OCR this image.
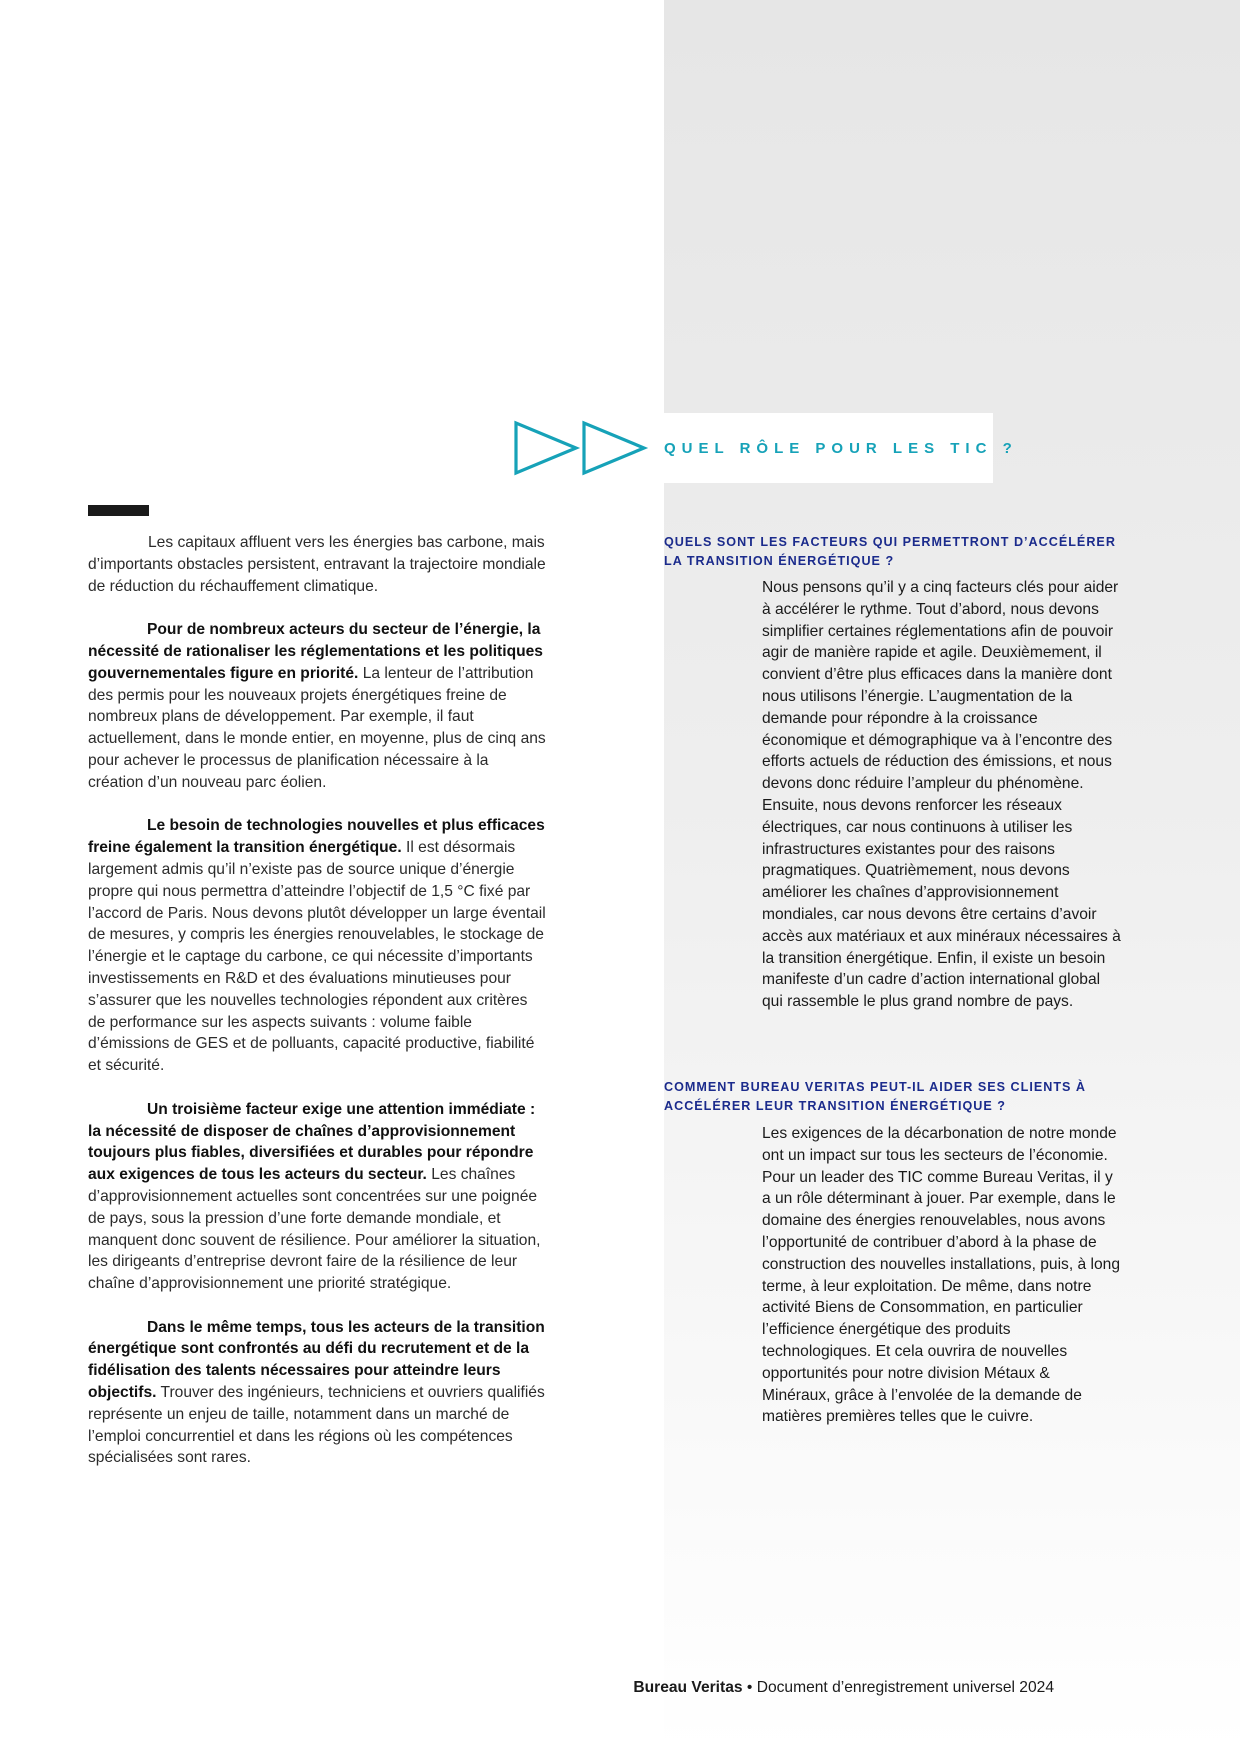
QUEL RÔLE POUR LES TIC ?

Les capitaux affluent vers les énergies bas carbone, mais d’importants obstacles persistent, entravant la trajectoire mondiale de réduction du réchauffement climatique.

Pour de nombreux acteurs du secteur de l’énergie, la nécessité de rationaliser les réglementations et les politiques gouvernementales figure en priorité. La lenteur de l’attribution des permis pour les nouveaux projets énergétiques freine de nombreux plans de développement. Par exemple, il faut actuellement, dans le monde entier, en moyenne, plus de cinq ans pour achever le processus de planification nécessaire à la création d’un nouveau parc éolien.

Le besoin de technologies nouvelles et plus efficaces freine également la transition énergétique. Il est désormais largement admis qu’il n’existe pas de source unique d’énergie propre qui nous permettra d’atteindre l’objectif de 1,5 °C fixé par l’accord de Paris. Nous devons plutôt développer un large éventail de mesures, y compris les énergies renouvelables, le stockage de l’énergie et le captage du carbone, ce qui nécessite d’importants investissements en R&D et des évaluations minutieuses pour s’assurer que les nouvelles technologies répondent aux critères de performance sur les aspects suivants : volume faible d’émissions de GES et de polluants, capacité productive, fiabilité et sécurité.

Un troisième facteur exige une attention immédiate : la nécessité de disposer de chaînes d’approvisionnement toujours plus fiables, diversifiées et durables pour répondre aux exigences de tous les acteurs du secteur. Les chaînes d’approvisionnement actuelles sont concentrées sur une poignée de pays, sous la pression d’une forte demande mondiale, et manquent donc souvent de résilience. Pour améliorer la situation, les dirigeants d’entreprise devront faire de la résilience de leur chaîne d’approvisionnement une priorité stratégique.

Dans le même temps, tous les acteurs de la transition énergétique sont confrontés au défi du recrutement et de la fidélisation des talents nécessaires pour atteindre leurs objectifs. Trouver des ingénieurs, techniciens et ouvriers qualifiés représente un enjeu de taille, notamment dans un marché de l’emploi concurrentiel et dans les régions où les compétences spécialisées sont rares.

QUELS SONT LES FACTEURS QUI PERMETTRONT D’ACCÉLÉRER LA TRANSITION ÉNERGÉTIQUE ?
Nous pensons qu’il y a cinq facteurs clés pour aider à accélérer le rythme. Tout d’abord, nous devons simplifier certaines réglementations afin de pouvoir agir de manière rapide et agile. Deuxièmement, il convient d’être plus efficaces dans la manière dont nous utilisons l’énergie. L’augmentation de la demande pour répondre à la croissance économique et démographique va à l’encontre des efforts actuels de réduction des émissions, et nous devons donc réduire l’ampleur du phénomène. Ensuite, nous devons renforcer les réseaux électriques, car nous continuons à utiliser les infrastructures existantes pour des raisons pragmatiques. Quatrièmement, nous devons améliorer les chaînes d’approvisionnement mondiales, car nous devons être certains d’avoir accès aux matériaux et aux minéraux nécessaires à la transition énergétique. Enfin, il existe un besoin manifeste d’un cadre d’action international global qui rassemble le plus grand nombre de pays.
COMMENT BUREAU VERITAS PEUT-IL AIDER SES CLIENTS À ACCÉLÉRER LEUR TRANSITION ÉNERGÉTIQUE ?
Les exigences de la décarbonation de notre monde ont un impact sur tous les secteurs de l’économie. Pour un leader des TIC comme Bureau Veritas, il y a un rôle déterminant à jouer. Par exemple, dans le domaine des énergies renouvelables, nous avons l’opportunité de contribuer d’abord à la phase de construction des nouvelles installations, puis, à long terme, à leur exploitation. De même, dans notre activité Biens de Consommation, en particulier l’efficience énergétique des produits technologiques. Et cela ouvrira de nouvelles opportunités pour notre division Métaux & Minéraux, grâce à l’envolée de la demande de matières premières telles que le cuivre.
Bureau Veritas • Document d’enregistrement universel 2024
